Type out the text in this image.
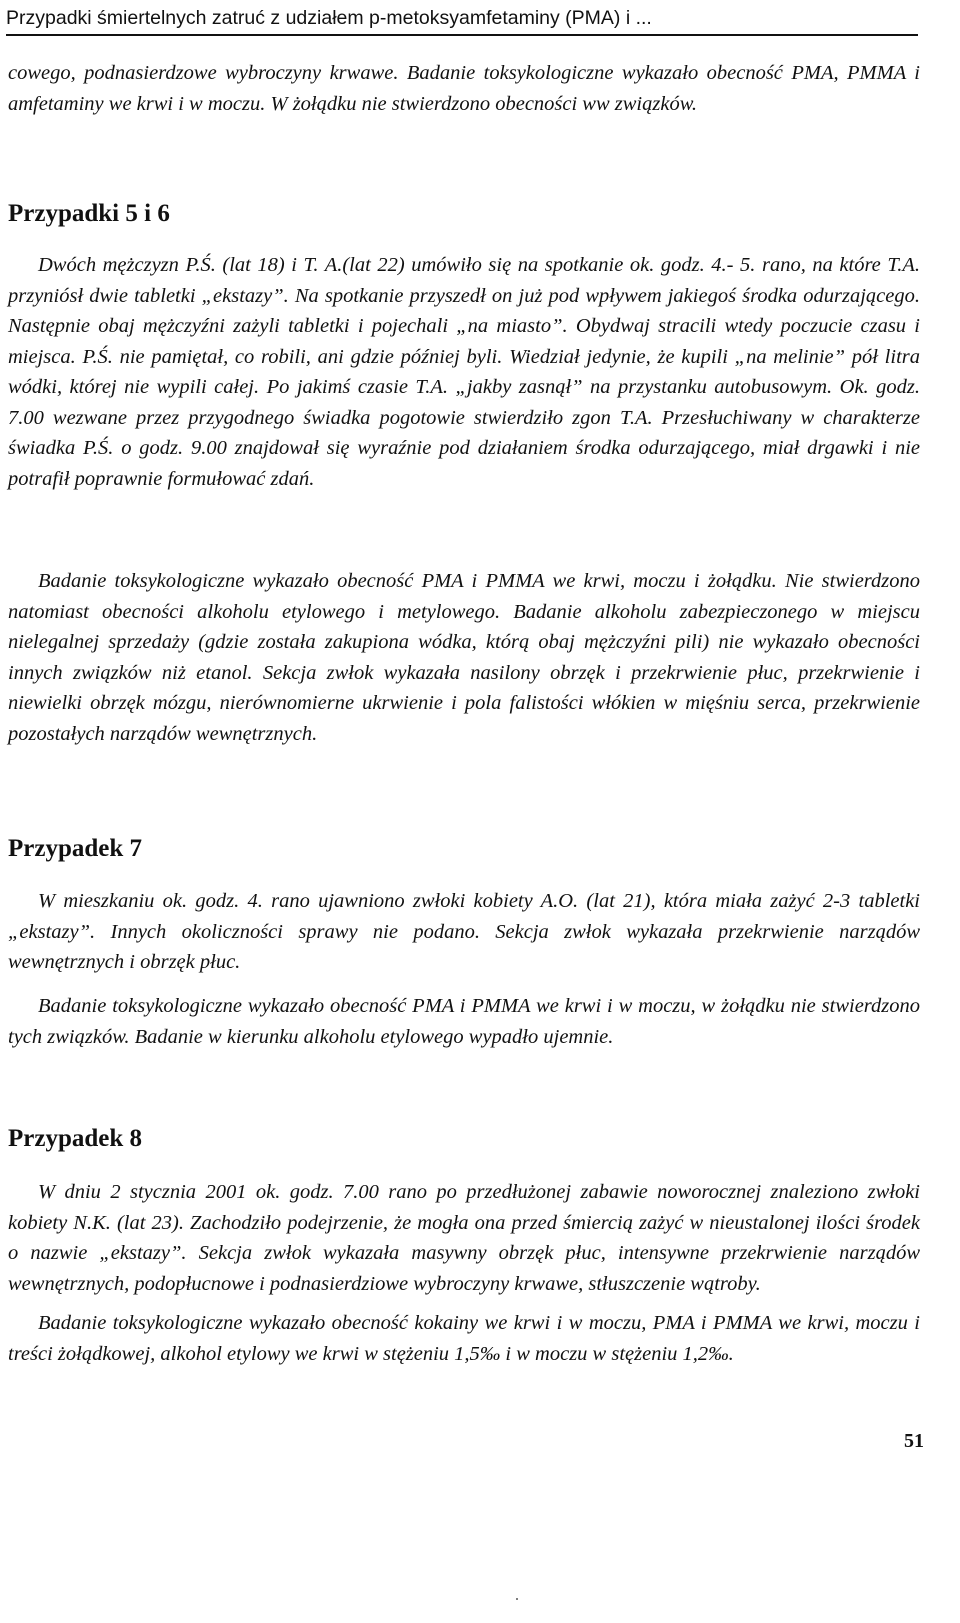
Przypadki śmiertelnych zatruć z udziałem p-metoksyamfetaminy (PMA) i ...

cowego, podnasierdzowe wybroczyny krwawe. Badanie toksykologiczne wykazało obecność PMA, PMMA i amfetaminy we krwi i w moczu. W żołądku nie stwierdzono obecności ww związków.

Przypadki 5 i 6

Dwóch mężczyzn P.Ś. (lat 18) i T. A.(lat 22) umówiło się na spotkanie ok. godz. 4.- 5. rano, na które T.A. przyniósł dwie tabletki „ekstazy”. Na spotkanie przyszedł on już pod wpływem jakiegoś środka odurzającego. Następnie obaj mężczyźni zażyli tabletki i pojechali „na miasto”. Obydwaj stracili wtedy poczucie czasu i miejsca. P.Ś. nie pamiętał, co robili, ani gdzie później byli. Wiedział jedynie, że kupili „na melinie” pół litra wódki, której nie wypili całej. Po jakimś czasie T.A. „jakby zasnął” na przystanku autobusowym. Ok. godz. 7.00 wezwane przez przygodnego świadka pogotowie stwierdziło zgon T.A. Przesłuchiwany w charakterze świadka P.Ś. o godz. 9.00 znajdował się wyraźnie pod działaniem środka odurzającego, miał drgawki i nie potrafił poprawnie formułować zdań.

Badanie toksykologiczne wykazało obecność PMA i PMMA we krwi, moczu i żołądku. Nie stwierdzono natomiast obecności alkoholu etylowego i metylowego. Badanie alkoholu zabezpieczonego w miejscu nielegalnej sprzedaży (gdzie została zakupiona wódka, którą obaj mężczyźni pili) nie wykazało obecności innych związków niż etanol. Sekcja zwłok wykazała nasilony obrzęk i przekrwienie płuc, przekrwienie i niewielki obrzęk mózgu, nierównomierne ukrwienie i pola falistości włókien w mięśniu serca, przekrwienie pozostałych narządów wewnętrznych.

Przypadek 7

W mieszkaniu ok. godz. 4. rano ujawniono zwłoki kobiety A.O. (lat 21), która miała zażyć 2-3 tabletki „ekstazy”. Innych okoliczności sprawy nie podano. Sekcja zwłok wykazała przekrwienie narządów wewnętrznych i obrzęk płuc.

Badanie toksykologiczne wykazało obecność PMA i PMMA we krwi i w moczu, w żołądku nie stwierdzono tych związków. Badanie w kierunku alkoholu etylowego wypadło ujemnie.

Przypadek 8

W dniu 2 stycznia 2001 ok. godz. 7.00 rano po przedłużonej zabawie noworocznej znaleziono zwłoki kobiety N.K. (lat 23). Zachodziło podejrzenie, że mogła ona przed śmiercią zażyć w nieustalonej ilości środek o nazwie „ekstazy”. Sekcja zwłok wykazała masywny obrzęk płuc, intensywne przekrwienie narządów wewnętrznych, podopłucnowe i podnasierdziowe wybroczyny krwawe, stłuszczenie wątroby.

Badanie toksykologiczne wykazało obecność kokainy we krwi i w moczu, PMA i PMMA we krwi, moczu i treści żołądkowej, alkohol etylowy we krwi w stężeniu 1,5‰ i w moczu w stężeniu 1,2‰.

51
